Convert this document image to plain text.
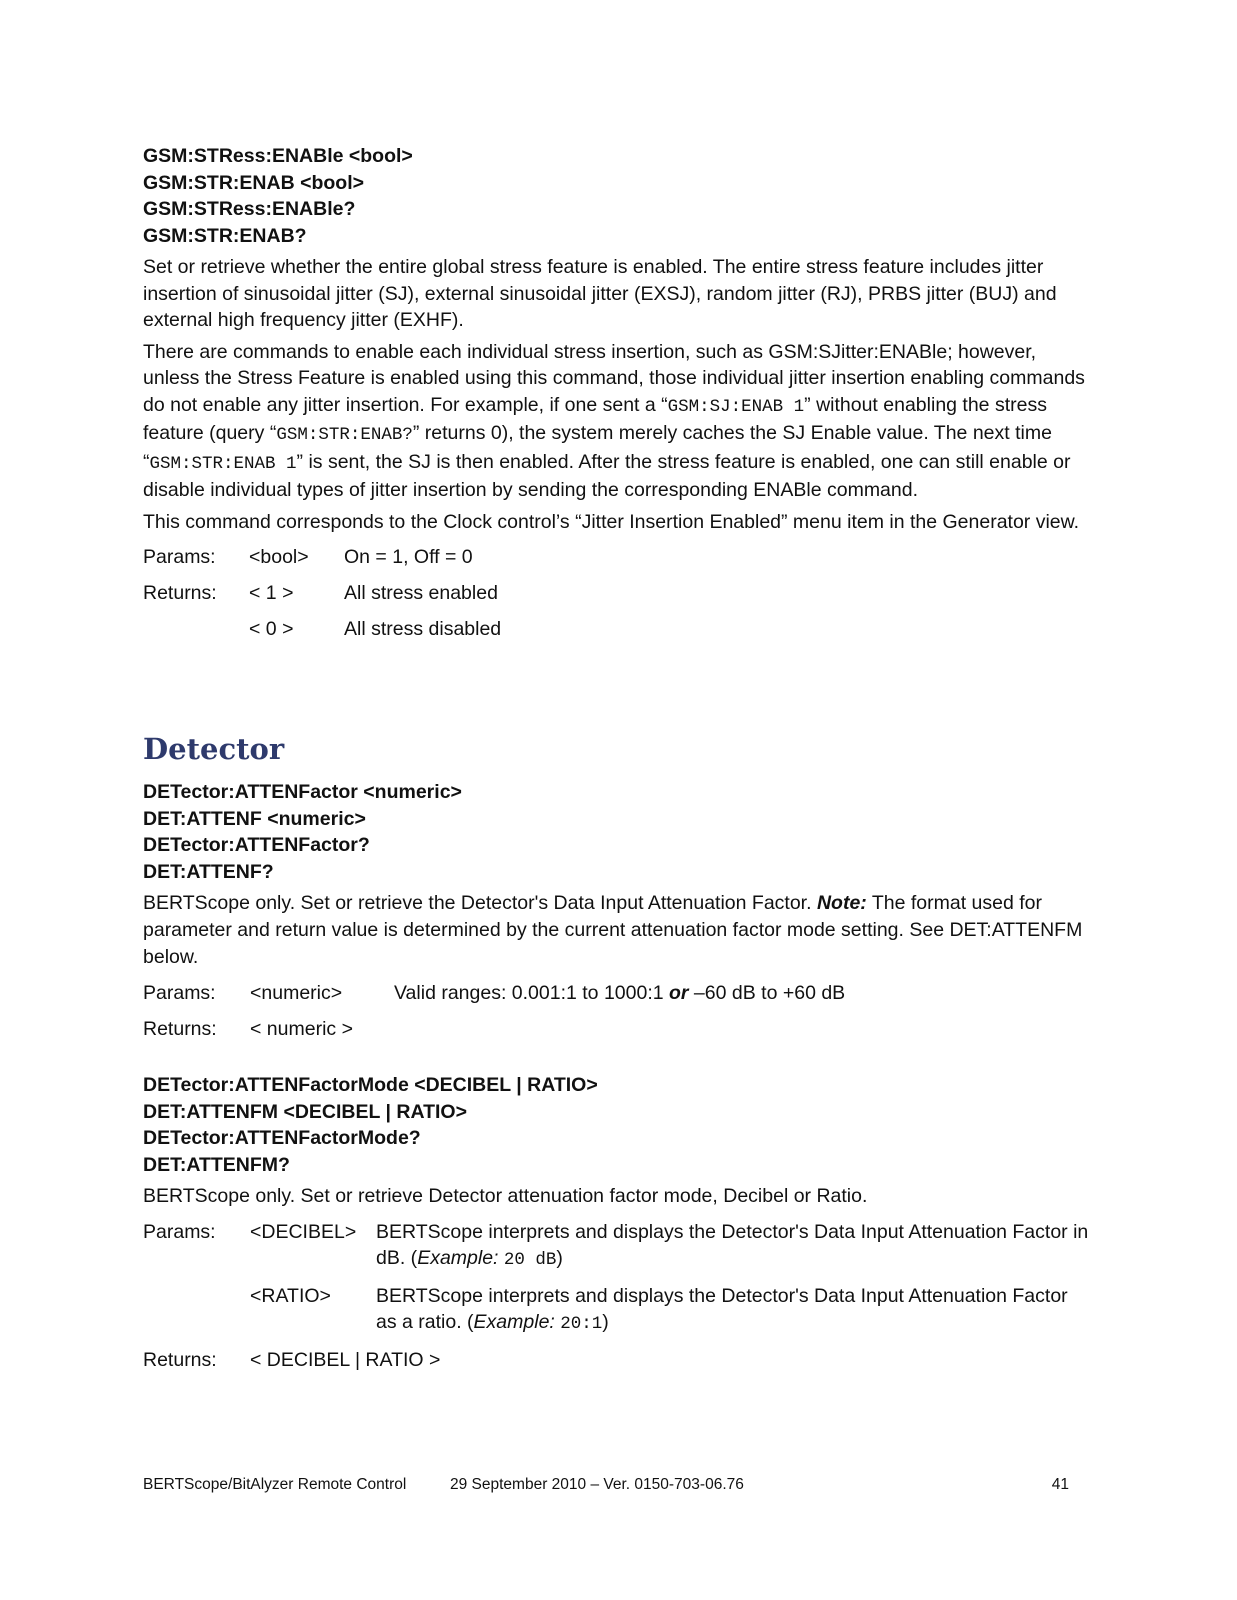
GSM:STRess:ENABle <bool>

GSM:STR:ENAB <bool>

GSM:STRess:ENABle?

GSM:STR:ENAB?

Set or retrieve whether the entire global stress feature is enabled. The entire stress feature includes jitter insertion of sinusoidal jitter (SJ), external sinusoidal jitter (EXSJ), random jitter (RJ), PRBS jitter (BUJ) and external high frequency jitter (EXHF).

There are commands to enable each individual stress insertion, such as GSM:SJitter:ENABle; however, unless the Stress Feature is enabled using this command, those individual jitter insertion enabling commands do not enable any jitter insertion. For example, if one sent a “GSM:SJ:ENAB 1” without enabling the stress feature (query “GSM:STR:ENAB?” returns 0), the system merely caches the SJ Enable value. The next time “GSM:STR:ENAB 1” is sent, the SJ is then enabled. After the stress feature is enabled, one can still enable or disable individual types of jitter insertion by sending the corresponding ENABle command.

This command corresponds to the Clock control’s “Jitter Insertion Enabled” menu item in the Generator view.

Params:	<bool>	On = 1, Off = 0
Returns:	< 1 >	All stress enabled
< 0 >	All stress disabled
Detector

DETector:ATTENFactor <numeric>

DET:ATTENF <numeric>

DETector:ATTENFactor?

DET:ATTENF?

BERTScope only. Set or retrieve the Detector's Data Input Attenuation Factor. Note: The format used for parameter and return value is determined by the current attenuation factor mode setting. See DET:ATTENFM below.

Params:	<numeric>	Valid ranges: 0.001:1 to 1000:1 or –60 dB to +60 dB
Returns:	< numeric >

DETector:ATTENFactorMode <DECIBEL | RATIO>

DET:ATTENFM <DECIBEL | RATIO>

DETector:ATTENFactorMode?

DET:ATTENFM?

BERTScope only. Set or retrieve Detector attenuation factor mode, Decibel or Ratio.

Params:	<DECIBEL>	BERTScope interprets and displays the Detector's Data Input Attenuation Factor in dB. (Example: 20 dB)
<RATIO>	BERTScope interprets and displays the Detector's Data Input Attenuation Factor as a ratio. (Example: 20:1)
Returns:	< DECIBEL | RATIO >
BERTScope/BitAlyzer Remote Control	29 September 2010 – Ver. 0150-703-06.76	41
